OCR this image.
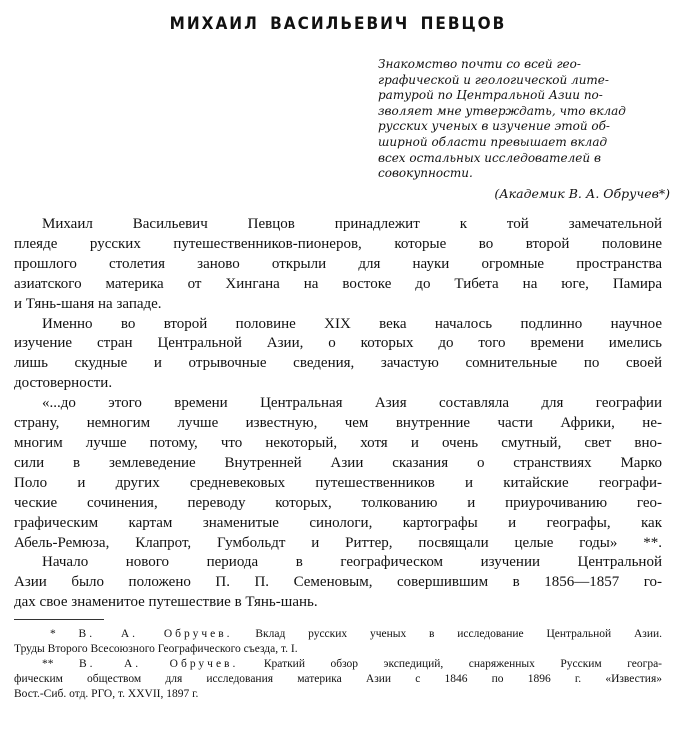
МИХАИЛ ВАСИЛЬЕВИЧ ПЕВЦОВ
Знакомство почти со всей гео-
графической и геологической лите-
ратурой по Центральной Азии по-
зволяет мне утверждать, что вклад
русских ученых в изучение этой об-
ширной области превышает вклад
всех остальных исследователей в
совокупности.
(Академик В. А. Обручев*)
Михаил Васильевич Певцов принадлежит к той замечательной
плеяде русских путешественников-пионеров, которые во второй половине
прошлого столетия заново открыли для науки огромные пространства
азиатского материка от Хингана на востоке до Тибета на юге, Памира
и Тянь-шаня на западе.
Именно во второй половине XIX века началось подлинно научное
изучение стран Центральной Азии, о которых до того времени имелись
лишь скудные и отрывочные сведения, зачастую сомнительные по своей
достоверности.
«...до этого времени Центральная Азия составляла для географии
страну, немногим лучше известную, чем внутренние части Африки, не-
многим лучше потому, что некоторый, хотя и очень смутный, свет вно-
сили в землеведение Внутренней Азии сказания о странствиях Марко
Поло и других средневековых путешественников и китайские географи-
ческие сочинения, переводу которых, толкованию и приурочиванию гео-
графическим картам знаменитые синологи, картографы и географы, как
Абель-Ремюза, Клапрот, Гумбольдт и Риттер, посвящали целые годы» **.
Начало нового периода в географическом изучении Центральной
Азии было положено П. П. Семеновым, совершившим в 1856—1857 го-
дах свое знаменитое путешествие в Тянь-шань.
* В. А. Обручев. Вклад русских ученых в исследование Центральной Азии.
Труды Второго Всесоюзного Географического съезда, т. I.
** В. А. Обручев. Краткий обзор экспедиций, снаряженных Русским геогра-
фическим обществом для исследования материка Азии с 1846 по 1896 г. «Известия»
Вост.-Сиб. отд. РГО, т. XXVII, 1897 г.
